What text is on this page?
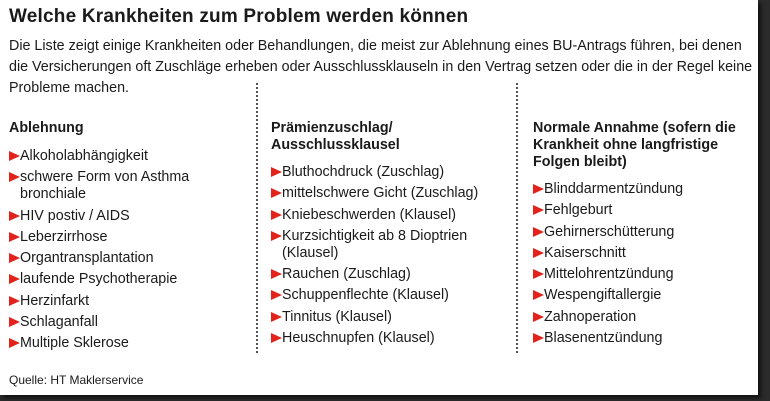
Welche Krankheiten zum Problem werden können
Die Liste zeigt einige Krankheiten oder Behandlungen, die meist zur Ablehnung eines BU-Antrags führen, bei denen die Versicherungen oft Zuschläge erheben oder Ausschlussklauseln in den Vertrag setzen oder die in der Regel keine Probleme machen.
Ablehnung
Alkoholabhängigkeit
schwere Form von Asthma bronchiale
HIV postiv / AIDS
Leberzirrhose
Organtransplantation
laufende Psychotherapie
Herzinfarkt
Schlaganfall
Multiple Sklerose
Prämienzuschlag/ Ausschlussklausel
Bluthochdruck (Zuschlag)
mittelschwere Gicht (Zuschlag)
Kniebeschwerden (Klausel)
Kurzsichtigkeit ab 8 Dioptrien (Klausel)
Rauchen (Zuschlag)
Schuppenflechte (Klausel)
Tinnitus (Klausel)
Heuschnupfen (Klausel)
Normale Annahme (sofern die Krankheit ohne langfristige Folgen bleibt)
Blinddarmentzündung
Fehlgeburt
Gehirnerschütterung
Kaiserschnitt
Mittelohrentzündung
Wespengiftallergie
Zahnoperation
Blasenentzündung
Quelle: HT Maklerservice
